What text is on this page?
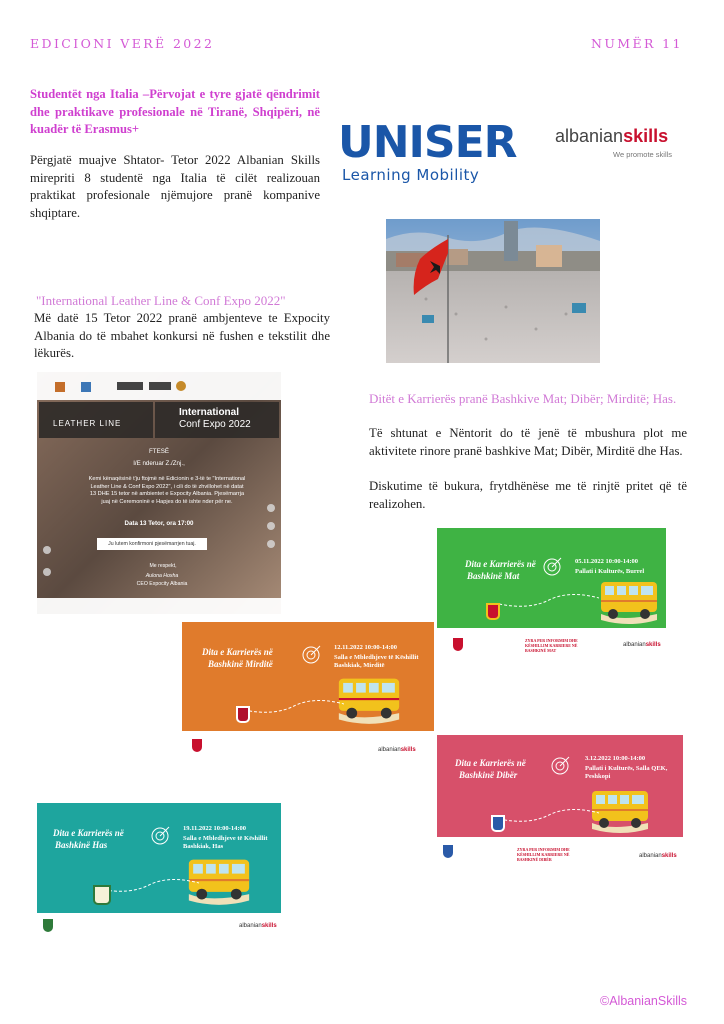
EDICIONI VERË 2022	NUMËR 11
Studentët nga Italia –Përvojat e tyre gjatë qëndrimit dhe praktikave profesionale në Tiranë, Shqipëri, në kuadër të Erasmus+
Përgjatë muajve Shtator- Tetor 2022 Albanian Skills mirepriti 8 studentë nga Italia të cilët realizouan praktikat profesionale njëmujore pranë kompanive shqiptare.
UNISER
Learning Mobility
albanianskills
We promote skills
"International Leather Line & Conf Expo 2022"
Më datë 15 Tetor 2022 pranë ambjenteve te Expocity Albania do të mbahet konkursi në fushen e tekstilit dhe lëkurës.
LEATHER LINE
International
Conf Expo 2022
FTESË
I/E nderuar Z./Znj.,
Kemi kënaqësinë t'ju ftojmë në Edicionin e 3-të te "International Leather Line & Conf Expo 2022", i cili do të zhvillohet në datat 13 DHE 15 tetor në ambientet e Expocity Albania. Pjesëmarrja juaj në Ceremoninë e Hapjes do të ishte nder për ne.
Data 13 Tetor, ora 17:00
Ju lutem konfirmoni pjesëmarrjen tuaj.
Me respekt,
Aulona Hoxha
CEO Expocity Albania
Ditët e Karrierës pranë Bashkive Mat; Dibër; Mirditë; Has.
Të shtunat e Nëntorit do të jenë të mbushura plot me aktivitete rinore pranë bashkive Mat; Dibër, Mirditë dhe Has.
Diskutime të bukura, frytdhënëse me të rinjtë pritet që të realizohen.
Dita e Karrierës në
Bashkinë Mat
05.11.2022 10:00-14:00
Pallati i Kulturës, Burrel
ZYRA PER INFORMIM DHE KËSHILLIM KARRIERE NË BASHKINË MAT
albanianskills
Dita e Karrierës në
Bashkinë Mirditë
12.11.2022 10:00-14:00
Salla e Mbledhjeve të Këshillit Bashkiak, Mirditë
albanianskills
Dita e Karrierës në
Bashkinë Dibër
3.12.2022 10:00-14:00
Pallati i Kulturës, Salla QEK, Peshkopi
ZYRA PER INFORMIM DHE KËSHILLIM KARRIERE NË BASHKINË DIBËR
albanianskills
Dita e Karrierës në
Bashkinë Has
19.11.2022 10:00-14:00
Salla e Mbledhjeve të Këshillit Bashkiak, Has
albanianskills
©AlbanianSkills
